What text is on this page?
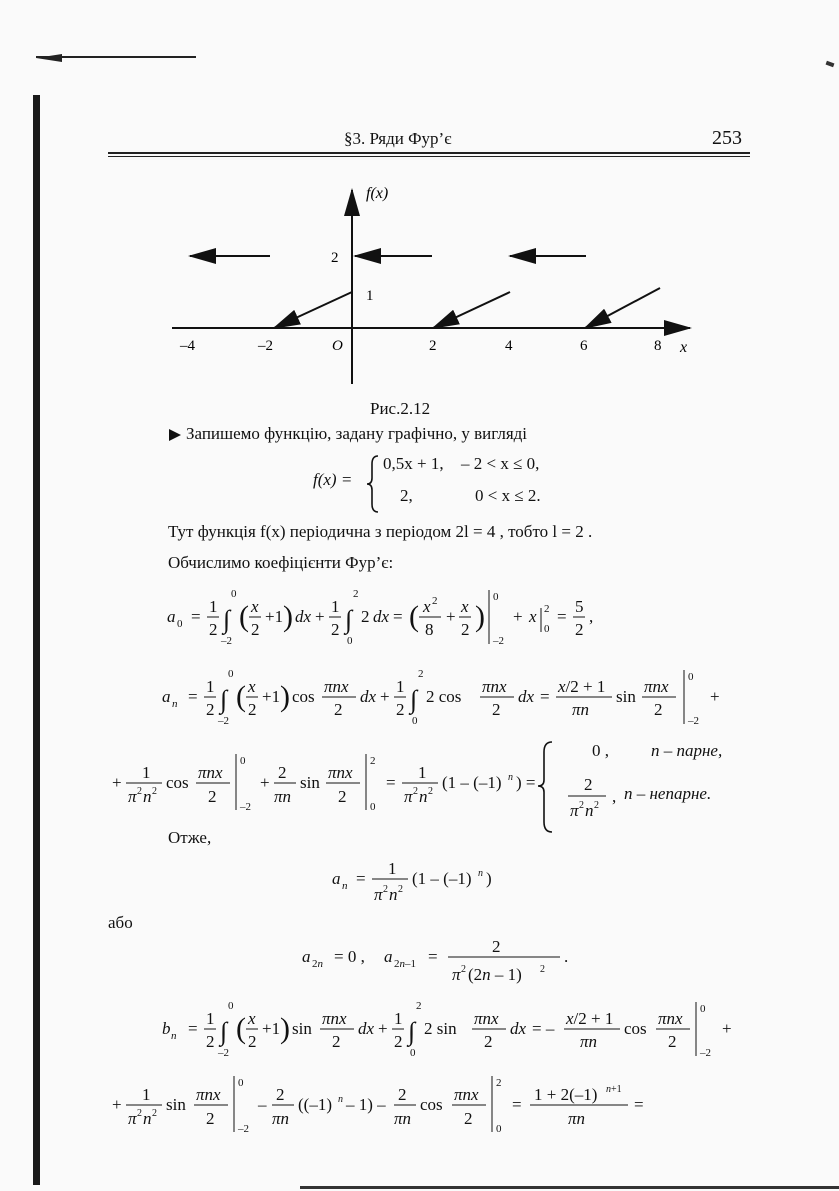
§3. Ряди Фур’є	253
f(x)
x
2
1
–4	–2	O	2	4	6	8
Рис.2.12
Запишемо функцію, задану графічно, у вигляді
f(x) =
0,5x + 1, – 2 < x ≤ 0,
2,	0 < x ≤ 2.
Тут функція f(x) періодична з періодом 2l = 4 , тобто l = 2 .
Обчислимо коефіцієнти Фур’є:
a 0 =
1
2 ∫
0
–2
( x
2
+1 ) dx +
1
2 ∫
2
0
2 dx = ( x 2
8
+
x
2 )
0
–2
+ x 2
0
=
5
2
,
a n =
1
2 ∫
0
–2
( x
2
+1 ) cos
πnx
2
dx +
1
2 ∫
2
0
2 cos
πnx
2
dx =
x/2 + 1
πn
sin
πnx
2
0
–2
+
+
1
π 2 n 2 cos
πnx
2
0
–2
+
2
πn
sin
πnx
2
2
0
=
1
π 2 n 2 (1 – (–1) n ) =
0 , n – парне,
2
π 2 n 2 , n – непарне.
Отже,
a n =
1
π 2 n 2
(1 – (–1) n )
або
a 2n = 0 , a 2n–1 =
2
π 2 (2n – 1) 2
.
b n =
1
2 ∫
0
–2
( x
2
+1 ) sin
πnx
2
dx +
1
2 ∫
2
0
2 sin
πnx
2
dx = –
x/2 + 1
πn
cos
πnx
2
0
–2
+
+
1
π 2 n 2 sin
πnx
2
0
–2
–
2
πn
((–1) n – 1) –
2
πn
cos
πnx
2
2
0
=
1 + 2(–1) n+1
πn
=
